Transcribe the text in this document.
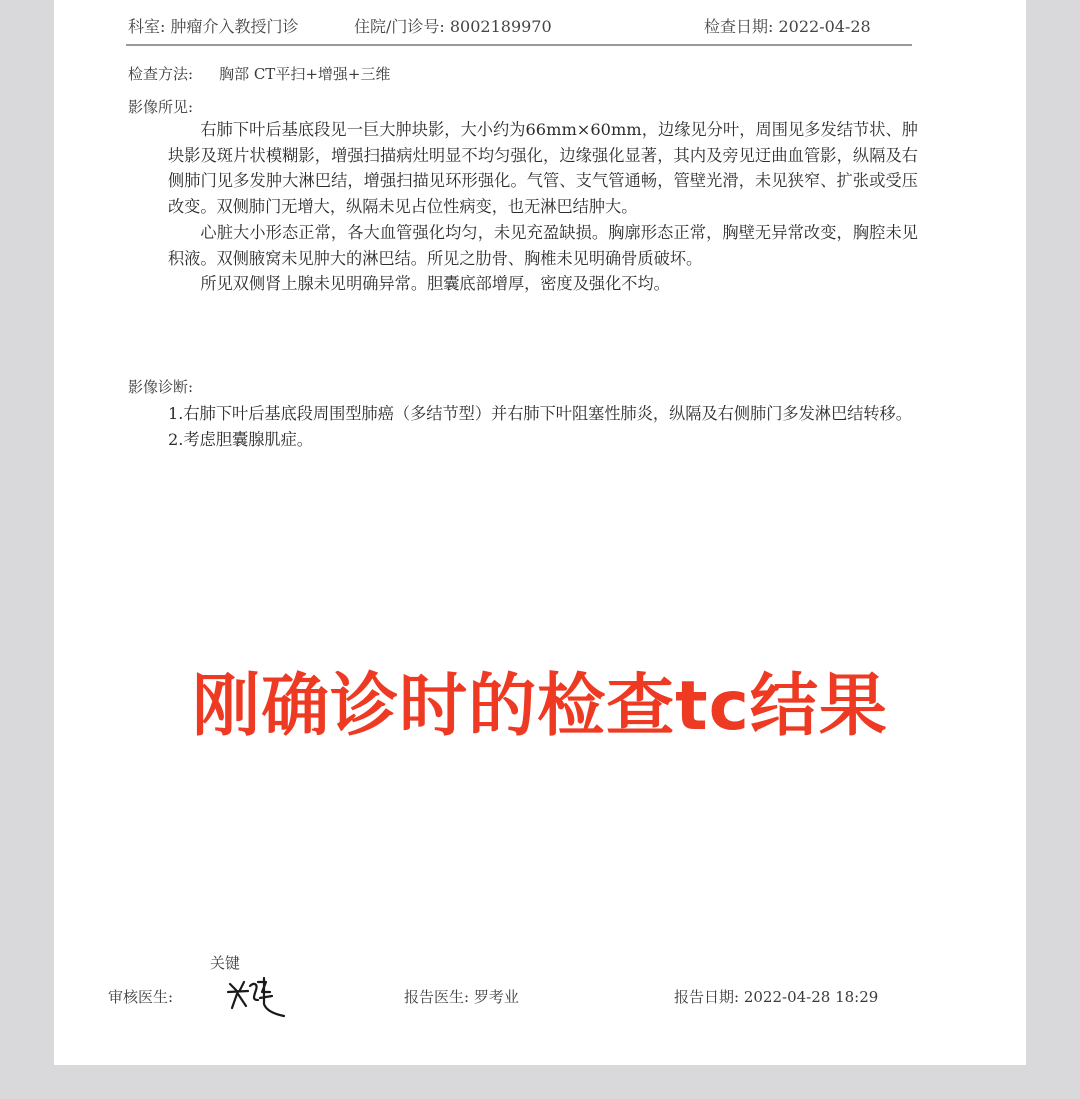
科室: 肿瘤介入教授门诊	住院/门诊号: 8002189970	检查日期: 2022-04-28
检查方法: 胸部 CT平扫+增强+三维
影像所见:

右肺下叶后基底段见一巨大肿块影，大小约为66mm×60mm，边缘见分叶，周围见多发结节状、肿块影及斑片状模糊影，增强扫描病灶明显不均匀强化，边缘强化显著，其内及旁见迂曲血管影，纵隔及右侧肺门见多发肿大淋巴结，增强扫描见环形强化。气管、支气管通畅，管壁光滑，未见狭窄、扩张或受压改变。双侧肺门无增大，纵隔未见占位性病变，也无淋巴结肿大。

心脏大小形态正常，各大血管强化均匀，未见充盈缺损。胸廓形态正常，胸壁无异常改变，胸腔未见积液。双侧腋窝未见肿大的淋巴结。所见之肋骨、胸椎未见明确骨质破坏。

所见双侧肾上腺未见明确异常。胆囊底部增厚，密度及强化不均。

影像诊断:

1.右肺下叶后基底段周围型肺癌（多结节型）并右肺下叶阻塞性肺炎，纵隔及右侧肺门多发淋巴结转移。

2.考虑胆囊腺肌症。

刚确诊时的检查tc结果
关键
审核医生:	报告医生: 罗考业	报告日期: 2022-04-28 18:29
